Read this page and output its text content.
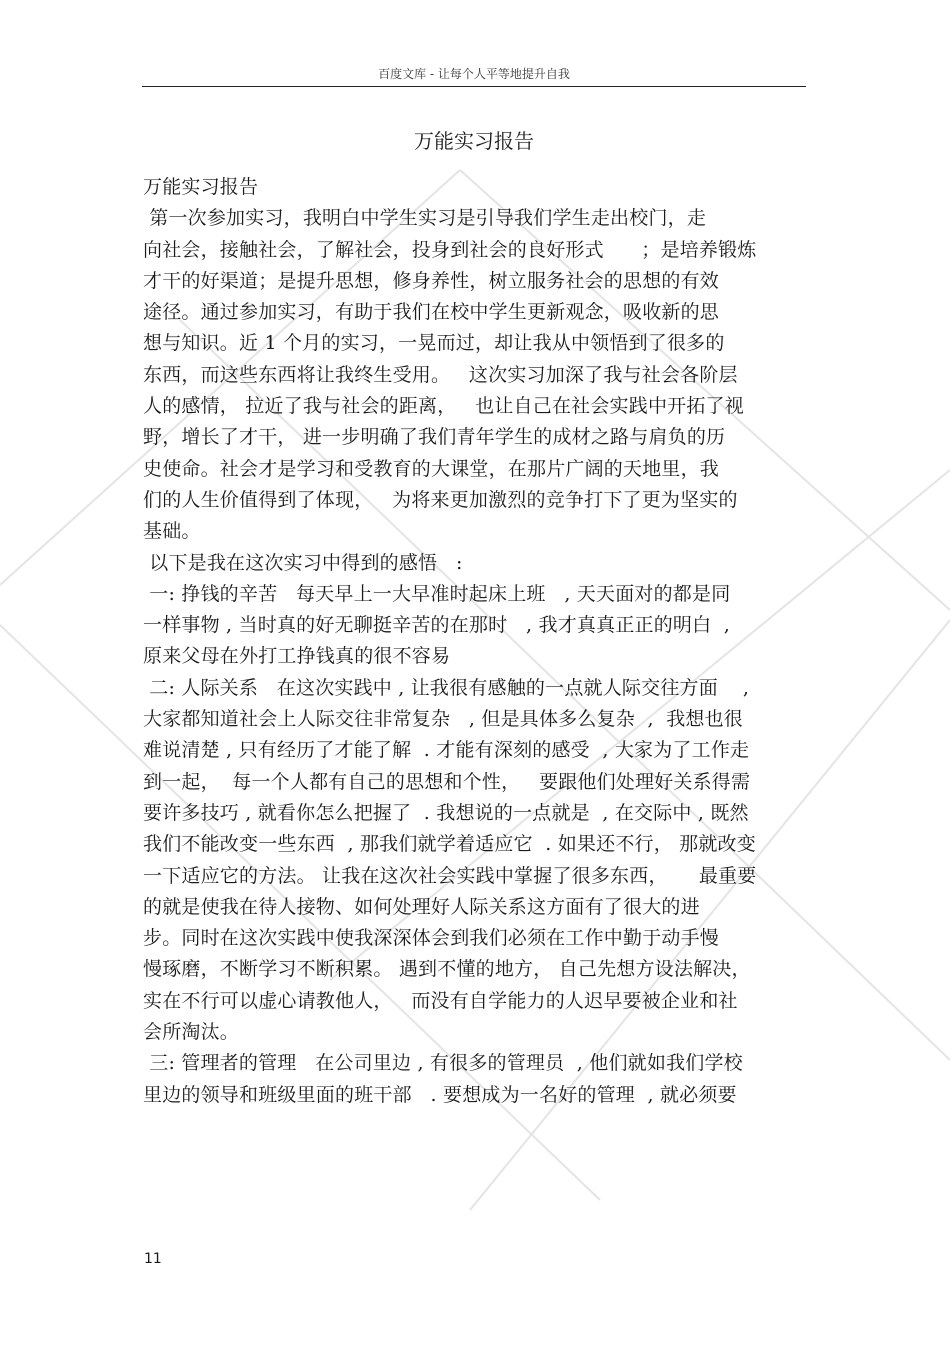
百度文库 - 让每个人平等地提升自我
万能实习报告
万能实习报告
第一次参加实习，我明白中学生实习是引导我们学生走出校门，走
向社会，接触社会，了解社会，投身到社会的良好形式      ；是培养锻炼
才干的好渠道；是提升思想，修身养性，树立服务社会的思想的有效
途径。通过参加实习，有助于我们在校中学生更新观念，吸收新的思
想与知识。近 1 个月的实习，一晃而过，却让我从中领悟到了很多的
东西，而这些东西将让我终生受用。   这次实习加深了我与社会各阶层
人的感情， 拉近了我与社会的距离，   也让自己在社会实践中开拓了视
野，增长了才干， 进一步明确了我们青年学生的成材之路与肩负的历
史使命。社会才是学习和受教育的大课堂，在那片广阔的天地里，我
们的人生价值得到了体现，   为将来更加激烈的竞争打下了更为坚实的
基础。
以下是我在这次实习中得到的感悟   :
一: 挣钱的辛苦   每天早上一大早准时起床上班   , 天天面对的都是同
一样事物 , 当时真的好无聊挺辛苦的在那时   , 我才真真正正的明白  ,
原来父母在外打工挣钱真的很不容易
二: 人际关系   在这次实践中 , 让我很有感触的一点就人际交往方面    ,
大家都知道社会上人际交往非常复杂   , 但是具体多么复杂  ,  我想也很
难说清楚 , 只有经历了才能了解  . 才能有深刻的感受  , 大家为了工作走
到一起，  每一个人都有自己的思想和个性，   要跟他们处理好关系得需
要许多技巧 , 就看你怎么把握了  . 我想说的一点就是  , 在交际中 , 既然
我们不能改变一些东西  , 那我们就学着适应它  . 如果还不行， 那就改变
一下适应它的方法。 让我在这次社会实践中掌握了很多东西，     最重要
的就是使我在待人接物、如何处理好人际关系这方面有了很大的进
步。同时在这次实践中使我深深体会到我们必须在工作中勤于动手慢
慢琢磨，不断学习不断积累。 遇到不懂的地方， 自己先想方设法解决，
实在不行可以虚心请教他人，   而没有自学能力的人迟早要被企业和社
会所淘汰。
三: 管理者的管理   在公司里边 , 有很多的管理员  , 他们就如我们学校
里边的领导和班级里面的班干部   . 要想成为一名好的管理  , 就必须要
11
